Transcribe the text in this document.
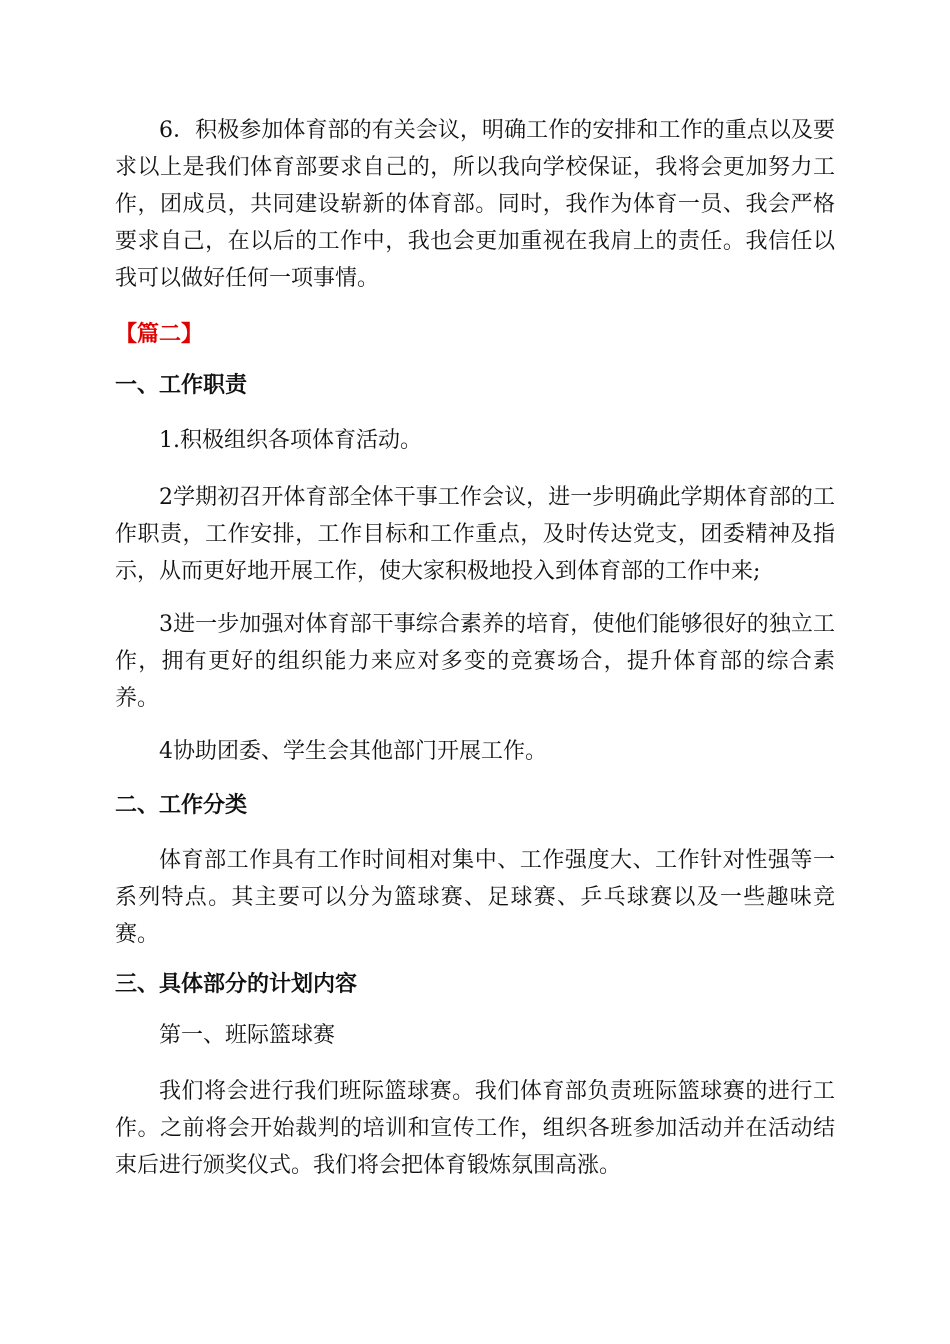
6．积极参加体育部的有关会议，明确工作的安排和工作的重点以及要求以上是我们体育部要求自己的，所以我向学校保证，我将会更加努力工作，团成员，共同建设崭新的体育部。同时，我作为体育一员、我会严格要求自己，在以后的工作中，我也会更加重视在我肩上的责任。我信任以我可以做好任何一项事情。

【篇二】

一、工作职责

1.积极组织各项体育活动。

2学期初召开体育部全体干事工作会议，进一步明确此学期体育部的工作职责，工作安排，工作目标和工作重点，及时传达党支，团委精神及指示，从而更好地开展工作，使大家积极地投入到体育部的工作中来;

3进一步加强对体育部干事综合素养的培育，使他们能够很好的独立工作，拥有更好的组织能力来应对多变的竞赛场合，提升体育部的综合素养。

4协助团委、学生会其他部门开展工作。

二、工作分类

体育部工作具有工作时间相对集中、工作强度大、工作针对性强等一系列特点。其主要可以分为篮球赛、足球赛、乒乓球赛以及一些趣味竞赛。

三、具体部分的计划内容

第一、班际篮球赛

我们将会进行我们班际篮球赛。我们体育部负责班际篮球赛的进行工作。之前将会开始裁判的培训和宣传工作，组织各班参加活动并在活动结束后进行颁奖仪式。我们将会把体育锻炼氛围高涨。
